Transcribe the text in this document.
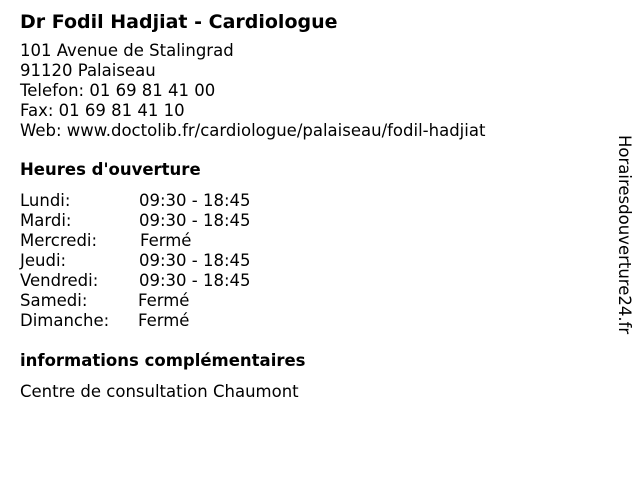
Dr Fodil Hadjiat - Cardiologue
101 Avenue de Stalingrad
91120 Palaiseau
Telefon: 01 69 81 41 00
Fax: 01 69 81 41 10
Web: www.doctolib.fr/cardiologue/palaiseau/fodil-hadjiat
Heures d'ouverture
Lundi:	09:30 - 18:45
Mardi:	09:30 - 18:45
Mercredi:	Fermé
Jeudi:	09:30 - 18:45
Vendredi: 09:30 - 18:45
Samedi:	Fermé
Dimanche: Fermé
informations complémentaires
Centre de consultation Chaumont
Horairesdouverture24.fr
